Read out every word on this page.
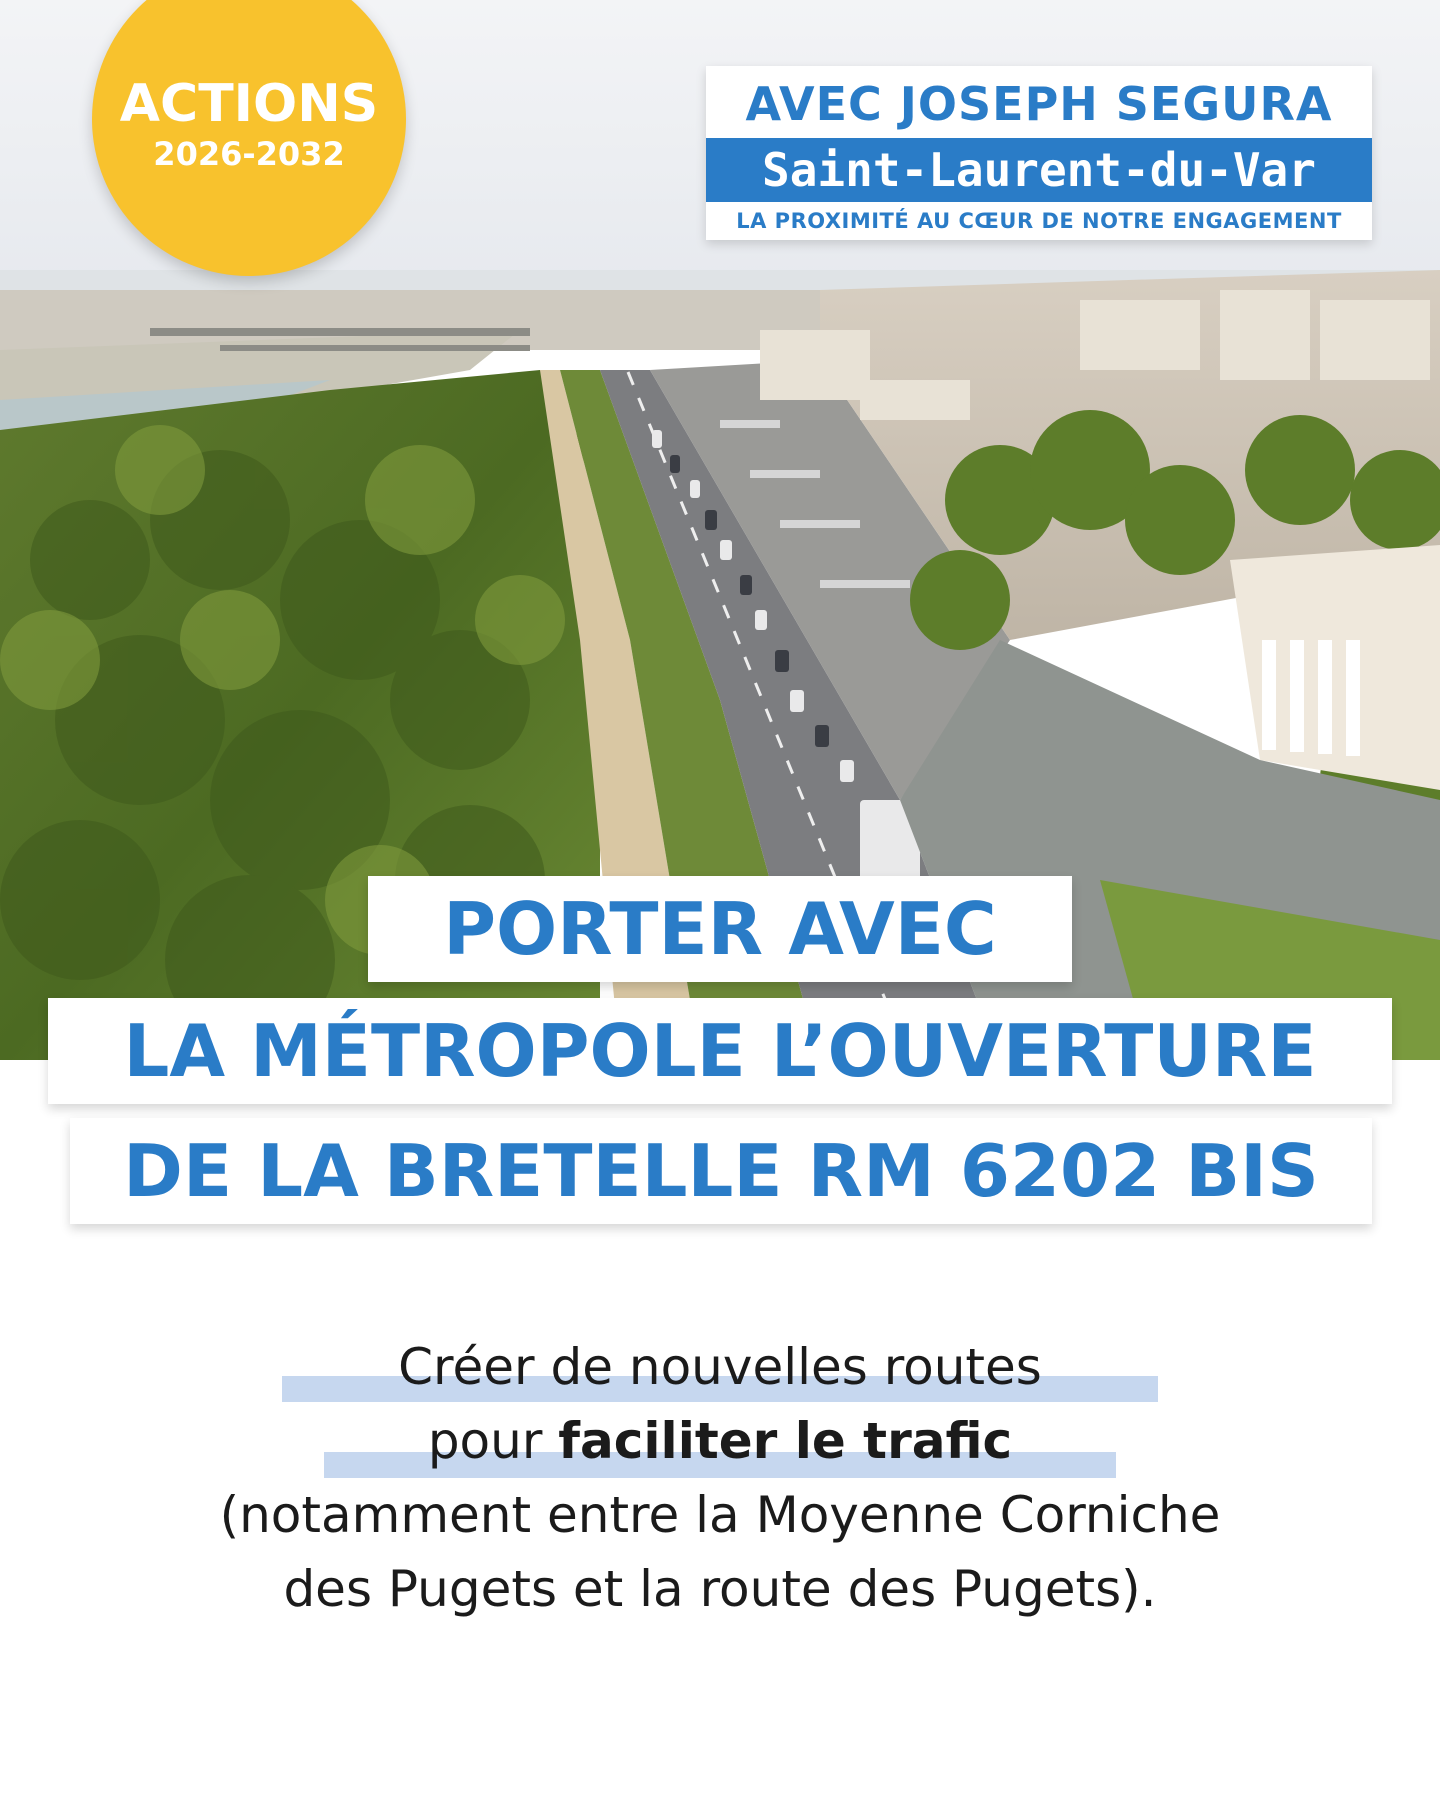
ACTIONS
2026-2032
AVEC JOSEPH SEGURA
Saint-Laurent-du-Var
LA PROXIMITÉ AU CŒUR DE NOTRE ENGAGEMENT
PORTER AVEC
LA MÉTROPOLE L’OUVERTURE
DE LA BRETELLE RM 6202 BIS
Créer de nouvelles routes
pour faciliter le trafic
(notamment entre la Moyenne Corniche
des Pugets et la route des Pugets).
